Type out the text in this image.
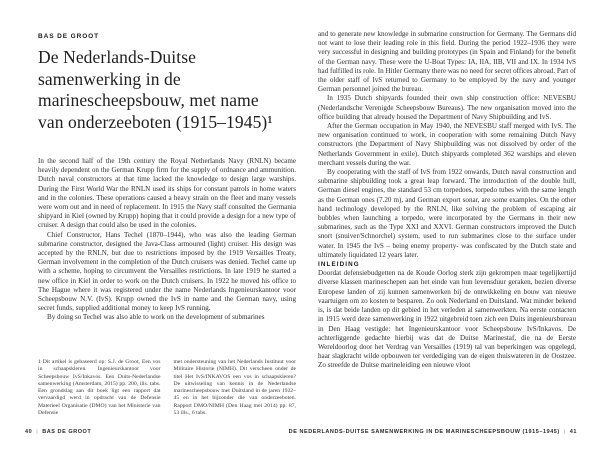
BAS DE GROOT
De Nederlands-Duitse
samenwerking in de
marinescheepsbouw, met name
van onderzeeboten (1915–1945)¹

In the second half of the 19th century the Royal Netherlands Navy (RNLN) became heavily dependent on the German Krupp firm for the supply of ordnance and ammunition. Dutch naval constructors at that time lacked the knowledge to design large warships. During the First World War the RNLN used its ships for constant patrols in home waters and in the colonies. These operations caused a heavy strain on the fleet and many vessels were worn out and in need of replacement. In 1915 the Navy staff consulted the Germania shipyard in Kiel (owned by Krupp) hoping that it could provide a design for a new type of cruiser. A design that could also be used in the colonies.

Chief Constructor, Hans Techel (1870–1944), who was also the leading German submarine constructor, designed the Java-Class armoured (light) cruiser. His design was accepted by the RNLN, but due to restrictions imposed by the 1919 Versailles Treaty, German involvement in the completion of the Dutch cruisers was denied. Techel came up with a scheme, hoping to circumvent the Versailles restrictions. In late 1919 he started a new office in Kiel in order to work on the Dutch cruisers. In 1922 he moved his office to The Hague where it was registered under the name Nederlands Ingenieurskantoor voor Scheepsbouw N.V. (IvS). Krupp owned the IvS in name and the German navy, using secret funds, supplied additional money to keep IvS running.

By doing so Techel was also able to work on the development of submarines

1 Dit artikel is gebaseerd op: S.J. de Groot, Een vos in schaapskleren. Ingenieurskantoor voor Scheepsbouw IvS/Inkavos. Een Duits-Nederlandse samenwerking (Amsterdam, 2015) pp. 200, ills. tabs. Een grondslag aan dit boek ligt een rapport dat vervaardigd werd in opdracht van de Defensie Materieel Organisatie (DMO) van het Ministerie van Defensie
met ondersteuning van het Nederlands Instituut voor Militaire Historie (NIMH). Dit verscheen onder de titel Het IvS/INKAVOS een vos in schaapskleren? De uitwisseling van kennis in de Nederlandse marinescheepsbouw met Duitsland in de jaren 1922–45 en in het bijzonder die van onderzeeboten. Rapport DMO/NIMH (Den Haag mei 2014) pp. 87, 53 ills., 6 tabs.

and to generate new knowledge in submarine construction for Germany. The Germans did not want to lose their leading role in this field. During the period 1922–1936 they were very successful in designing and building prototypes (in Spain and Finland) for the benefit of the German navy. These were the U-Boat Types: IA, IIA, IIB, VII and IX. In 1934 IvS had fulfilled its role. In Hitler Germany there was no need for secret offices abroad. Part of the older staff of IvS returned to Germany to be employed by the navy and younger German personnel joined the bureau.

In 1935 Dutch shipyards founded their own ship construction office: NEVESBU (Nederlandsche Verenigde Scheepsbouw Bureaus). The new organisation moved into the office building that already housed the Department of Navy Shipbuilding and IvS.

After the German occupation in May 1940, the NEVESBU staff merged with IvS. The new organisation continued to work, in cooperation with some remaining Dutch Navy constructors (the Department of Navy Shipbuilding was not dissolved by order of the Netherlands Government in exile). Dutch shipyards completed 362 warships and eleven merchant vessels during the war.

By cooperating with the staff of IvS from 1922 onwards, Dutch naval construction and submarine shipbuilding took a great leap forward. The introduction of the double hull, German diesel engines, the standard 53 cm torpedoes, torpedo tubes with the same length as the German ones (7.20 m), and German export sonar, are some examples. On the other hand technology developed by the RNLN, like solving the problem of escaping air bubbles when launching a torpedo, were incorporated by the Germans in their new submarines, such as the Type XXI and XXVI. German constructors improved the Dutch snort (snuiver/Schnorchel) system, used to run submarines close to the surface under water. In 1945 the IvS – being enemy property- was confiscated by the Dutch state and ultimately liquidated 12 years later.

INLEIDING

Doordat defensiebudgetten na de Koude Oorlog sterk zijn gekrompen maar tegelijkertijd diverse klassen marineschepen aan het einde van hun levensduur geraken, bezien diverse Europese landen of zij kunnen samenwerken bij de ontwikkeling en bouw van nieuwe vaartuigen om zo kosten te besparen. Zo ook Nederland en Duitsland. Wat minder bekend is, is dat beide landen op dit gebied in het verleden al samenwerkten. Na eerste contacten in 1915 werd deze samenwerking in 1922 uitgebreid toen zich een Duits ingenieursbureau in Den Haag vestigde: het Ingenieurskantoor voor Scheepsbouw IvS/Inkavos. De achterliggende gedachte hierbij was dat de Duitse Marinestaf, die na de Eerste Wereldoorlog door het Verdrag van Versailles (1919) tal van beperkingen was opgelegd, haar slagkracht wilde opbouwen ter verdediging van de eigen thuiswateren in de Oostzee. Zo streefde de Duitse marineleiding een nieuwe vloot

40 | BAS DE GROOT	DE NEDERLANDS-DUITSE SAMENWERKING IN DE MARINESCHEEPSBOUW (1915–1945) | 41
